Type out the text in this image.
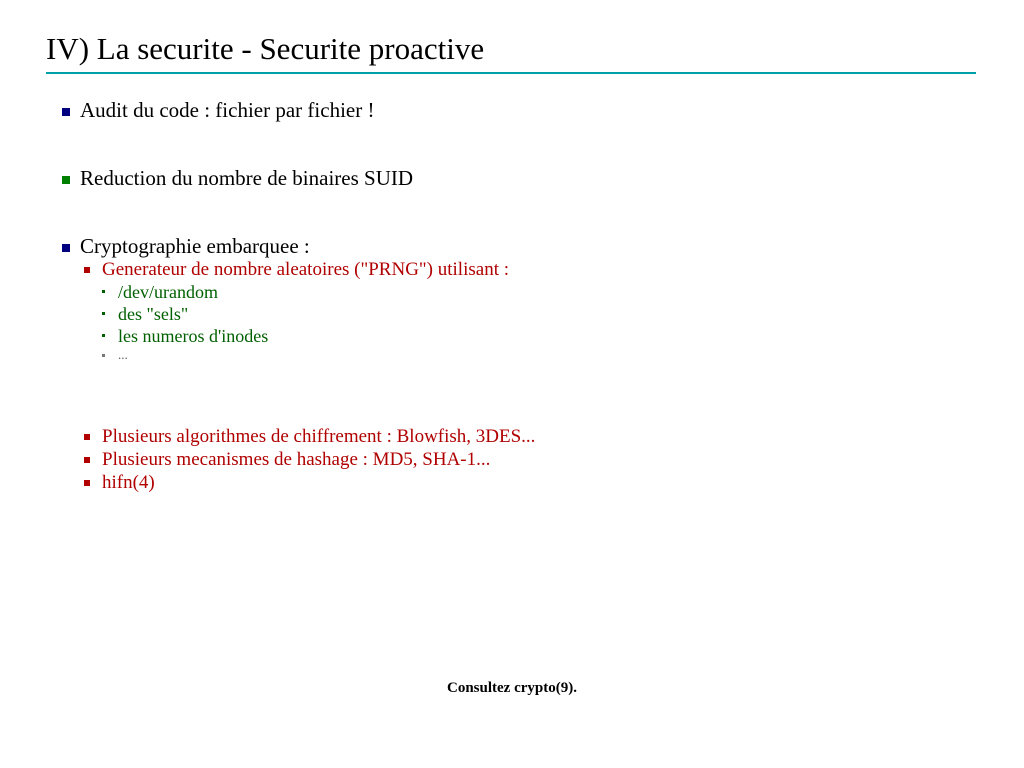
IV) La securite - Securite proactive
Audit du code : fichier par fichier !
Reduction du nombre de binaires SUID
Cryptographie embarquee :
Generateur de nombre aleatoires ("PRNG") utilisant :
/dev/urandom
des "sels"
les numeros d'inodes
...
Plusieurs algorithmes de chiffrement : Blowfish, 3DES...
Plusieurs mecanismes de hashage : MD5, SHA-1...
hifn(4)
Consultez crypto(9).
